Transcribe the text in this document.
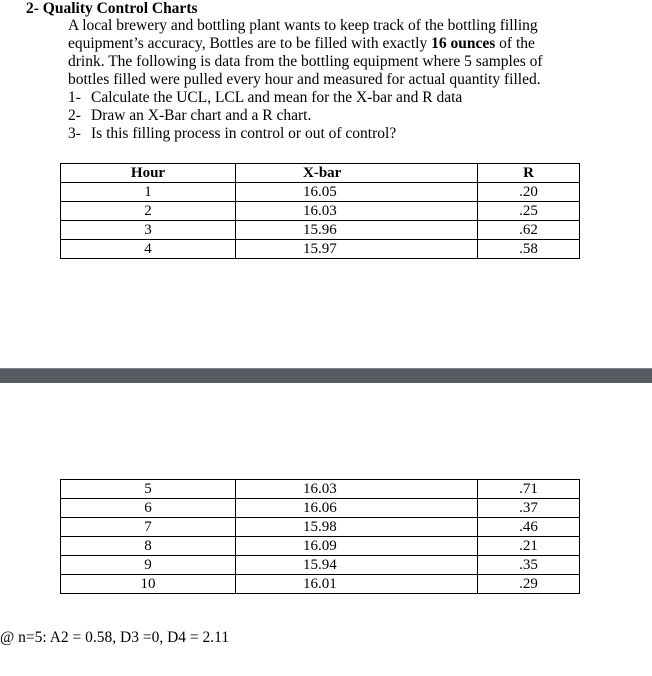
2- Quality Control Charts
A local brewery and bottling plant wants to keep track of the bottling filling equipment’s accuracy, Bottles are to be filled with exactly 16 ounces of the drink. The following is data from the bottling equipment where 5 samples of bottles filled were pulled every hour and measured for actual quantity filled.
1- Calculate the UCL, LCL and mean for the X-bar and R data
2- Draw an X-Bar chart and a R chart.
3- Is this filling process in control or out of control?
Hour	X-bar	R
1	16.05	.20
2	16.03	.25
3	15.96	.62
4	15.97	.58
5	16.03	.71
6	16.06	.37
7	15.98	.46
8	16.09	.21
9	15.94	.35
10	16.01	.29
@ n=5: A2 = 0.58, D3 =0, D4 = 2.11
